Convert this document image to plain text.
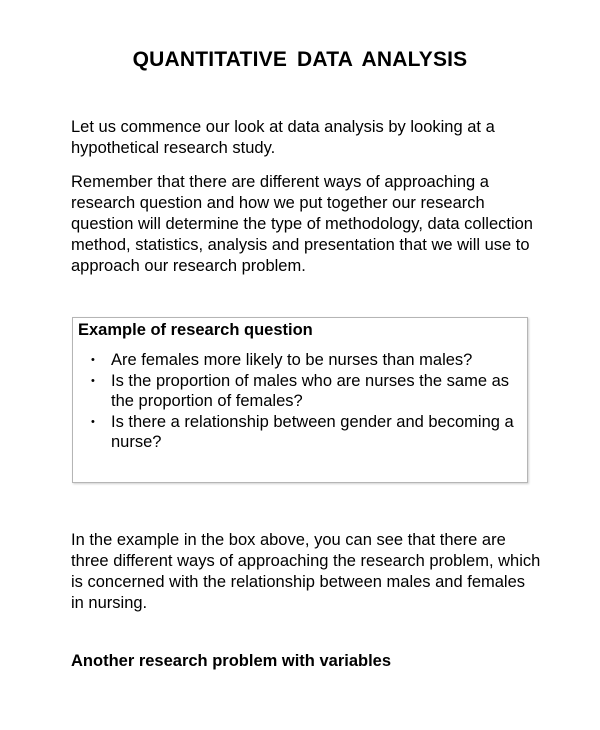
QUANTITATIVE DATA ANALYSIS

Let us commence our look at data analysis by looking at a hypothetical research study.

Remember that there are different ways of approaching a research question and how we put together our research question will determine the type of methodology, data collection method, statistics, analysis and presentation that we will use to approach our research problem.

Example of research question

• Are females more likely to be nurses than males?
• Is the proportion of males who are nurses the same as the proportion of females?
• Is there a relationship between gender and becoming a nurse?

In the example in the box above, you can see that there are three different ways of approaching the research problem, which is concerned with the relationship between males and females in nursing.

Another research problem with variables
